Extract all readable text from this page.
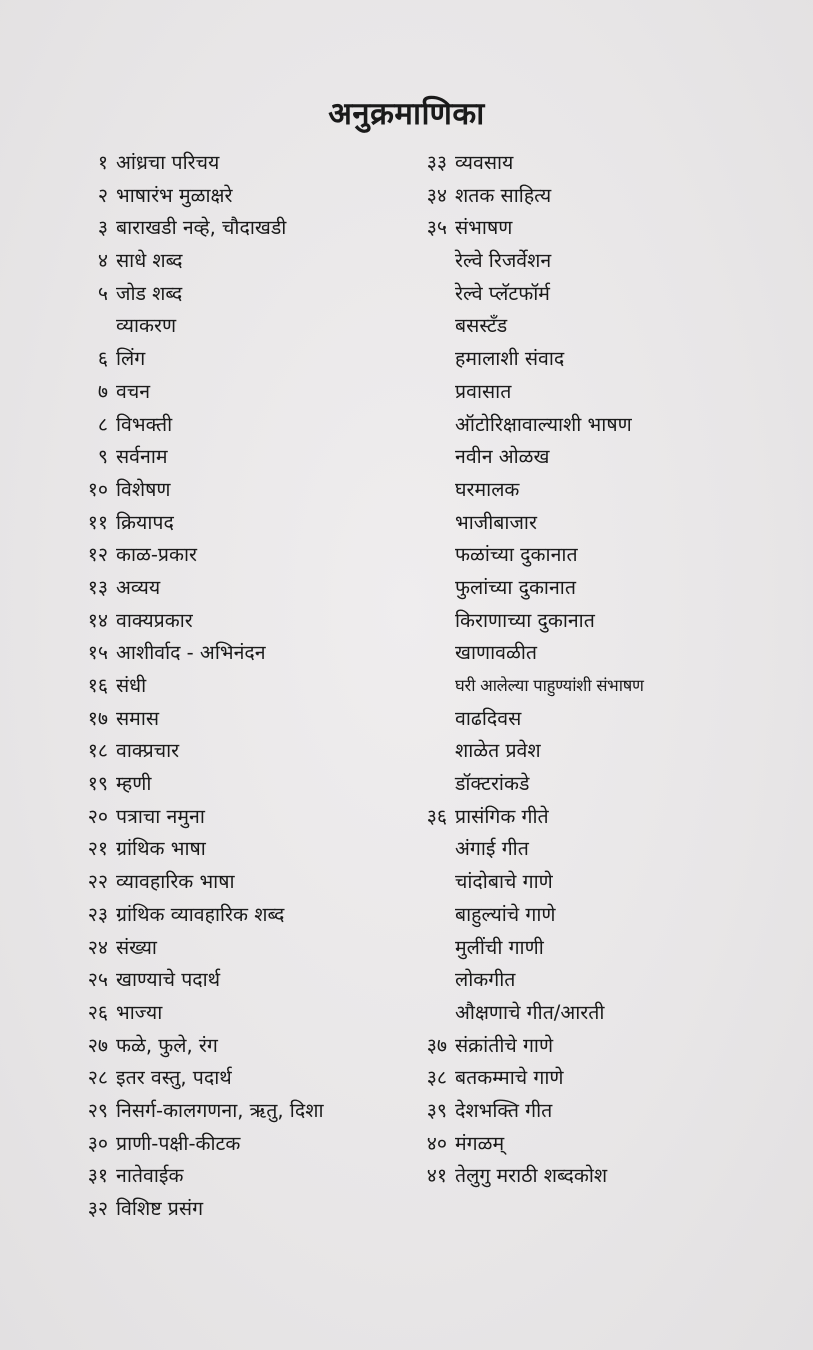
अनुक्रमाणिका
१ आंध्रचा परिचय
२ भाषारंभ मुळाक्षरे
३ बाराखडी नव्हे, चौदाखडी
४ साधे शब्द
५ जोड शब्द
व्याकरण
६ लिंग
७ वचन
८ विभक्ती
९ सर्वनाम
१० विशेषण
११ क्रियापद
१२ काळ-प्रकार
१३ अव्यय
१४ वाक्यप्रकार
१५ आशीर्वाद - अभिनंदन
१६ संधी
१७ समास
१८ वाक्प्रचार
१९ म्हणी
२० पत्राचा नमुना
२१ ग्रांथिक भाषा
२२ व्यावहारिक भाषा
२३ ग्रांथिक व्यावहारिक शब्द
२४ संख्या
२५ खाण्याचे पदार्थ
२६ भाज्या
२७ फळे, फुले, रंग
२८ इतर वस्तु, पदार्थ
२९ निसर्ग-कालगणना, ऋतु, दिशा
३० प्राणी-पक्षी-कीटक
३१ नातेवाईक
३२ विशिष्ट प्रसंग
३३ व्यवसाय
३४ शतक साहित्य
३५ संभाषण
रेल्वे रिजर्वेशन
रेल्वे प्लॅटफॉर्म
बसस्टँड
हमालाशी संवाद
प्रवासात
ऑटोरिक्षावाल्याशी भाषण
नवीन ओळख
घरमालक
भाजीबाजार
फळांच्या दुकानात
फुलांच्या दुकानात
किराणाच्या दुकानात
खाणावळीत
घरी आलेल्या पाहुण्यांशी संभाषण
वाढदिवस
शाळेत प्रवेश
डॉक्टरांकडे
३६ प्रासंगिक गीते
अंगाई गीत
चांदोबाचे गाणे
बाहुल्यांचे गाणे
मुलींची गाणी
लोकगीत
औक्षणाचे गीत/आरती
३७ संक्रांतीचे गाणे
३८ बतकम्माचे गाणे
३९ देशभक्ति गीत
४० मंगळम्
४१ तेलुगु मराठी शब्दकोश
